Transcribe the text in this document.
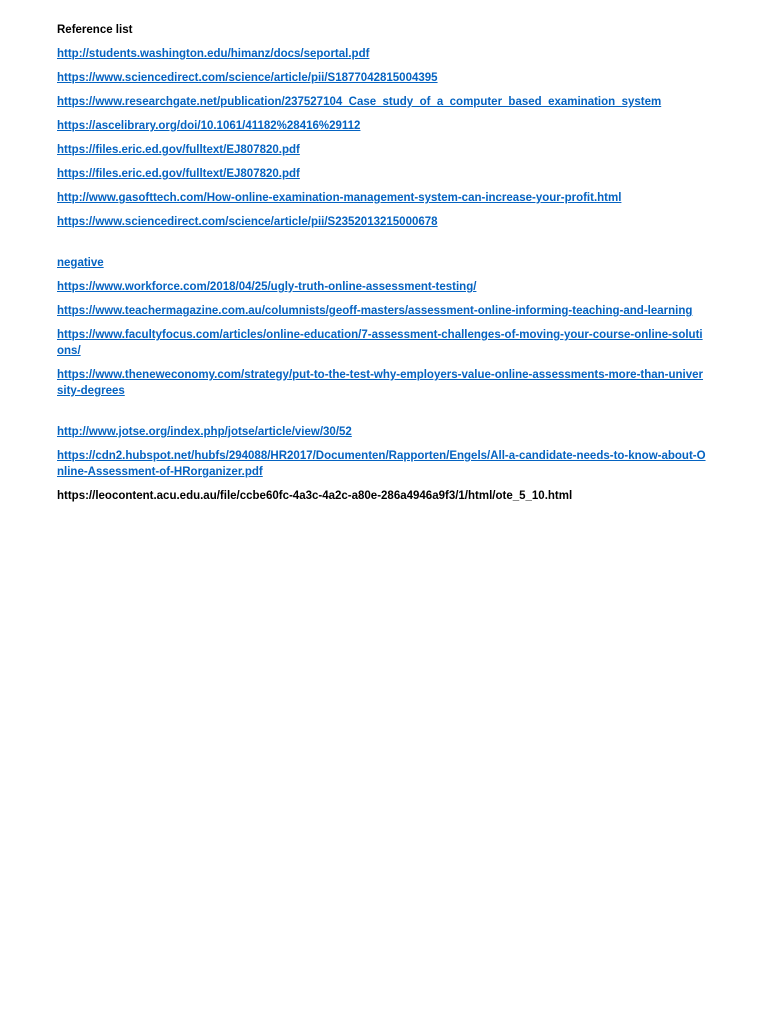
Reference list
http://students.washington.edu/himanz/docs/seportal.pdf
https://www.sciencedirect.com/science/article/pii/S1877042815004395
https://www.researchgate.net/publication/237527104_Case_study_of_a_computer_based_examination_system
https://ascelibrary.org/doi/10.1061/41182%28416%29112
https://files.eric.ed.gov/fulltext/EJ807820.pdf
https://files.eric.ed.gov/fulltext/EJ807820.pdf
http://www.gasofttech.com/How-online-examination-management-system-can-increase-your-profit.html
https://www.sciencedirect.com/science/article/pii/S2352013215000678
negative
https://www.workforce.com/2018/04/25/ugly-truth-online-assessment-testing/
https://www.teachermagazine.com.au/columnists/geoff-masters/assessment-online-informing-teaching-and-learning
https://www.facultyfocus.com/articles/online-education/7-assessment-challenges-of-moving-your-course-online-solutions/
https://www.theneweconomy.com/strategy/put-to-the-test-why-employers-value-online-assessments-more-than-university-degrees
http://www.jotse.org/index.php/jotse/article/view/30/52
https://cdn2.hubspot.net/hubfs/294088/HR2017/Documenten/Rapporten/Engels/All-a-candidate-needs-to-know-about-Online-Assessment-of-HRorganizer.pdf
https://leocontent.acu.edu.au/file/ccbe60fc-4a3c-4a2c-a80e-286a4946a9f3/1/html/ote_5_10.html
